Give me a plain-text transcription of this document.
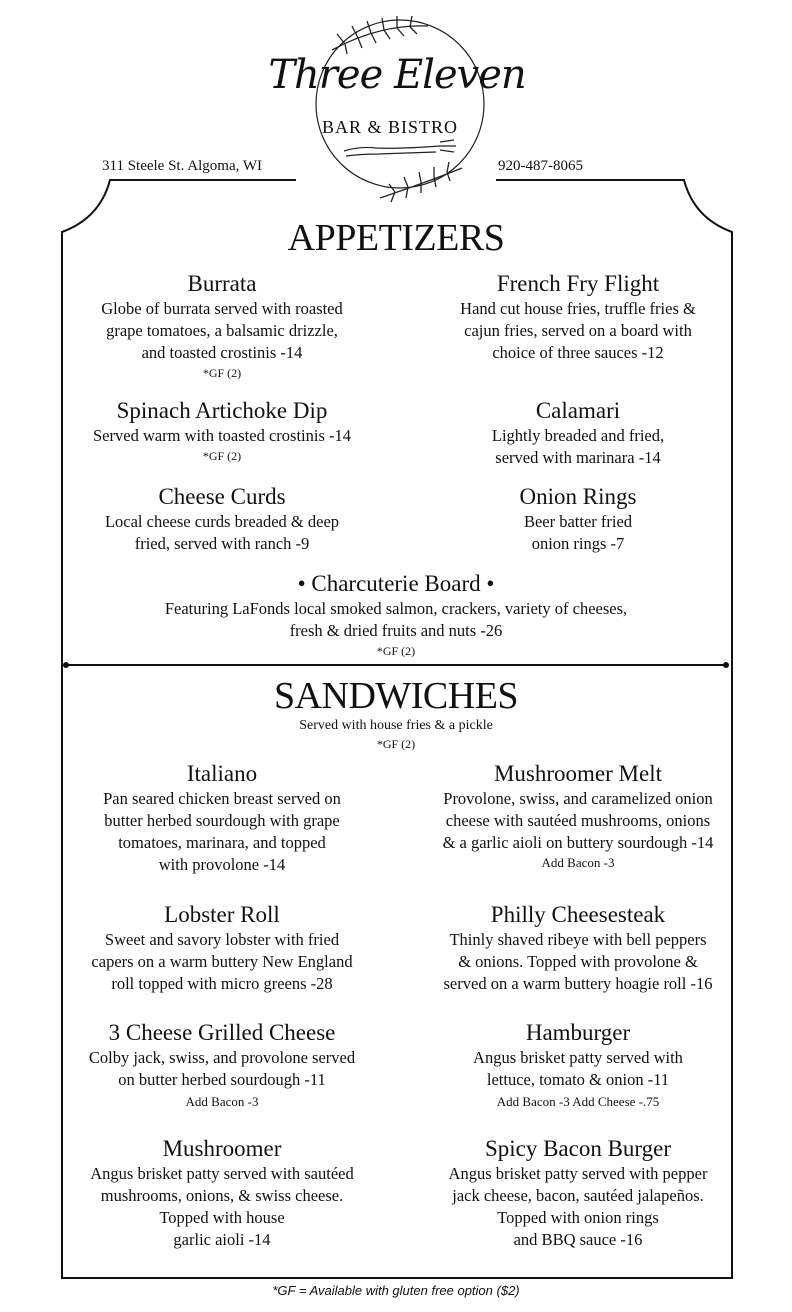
Three Eleven
BAR & BISTRO
311 Steele St. Algoma, WI	920-487-8065
APPETIZERS
Burrata
Globe of burrata served with roasted
grape tomatoes, a balsamic drizzle,
and toasted crostinis -14
*GF (2)
French Fry Flight
Hand cut house fries, truffle fries &
cajun fries, served on a board with
choice of three sauces -12
Spinach Artichoke Dip
Served warm with toasted crostinis -14
*GF (2)
Calamari
Lightly breaded and fried,
served with marinara -14
Cheese Curds
Local cheese curds breaded & deep
fried, served with ranch -9
Onion Rings
Beer batter fried
onion rings -7
• Charcuterie Board •
Featuring LaFonds local smoked salmon, crackers, variety of cheeses,
fresh & dried fruits and nuts -26
*GF (2)
SANDWICHES
Served with house fries & a pickle
*GF (2)
Italiano
Pan seared chicken breast served on
butter herbed sourdough with grape
tomatoes, marinara, and topped
with provolone -14
Mushroomer Melt
Provolone, swiss, and caramelized onion
cheese with sautéed mushrooms, onions
& a garlic aioli on buttery sourdough -14
Add Bacon -3
Lobster Roll
Sweet and savory lobster with fried
capers on a warm buttery New England
roll topped with micro greens -28
Philly Cheesesteak
Thinly shaved ribeye with bell peppers
& onions. Topped with provolone &
served on a warm buttery hoagie roll -16
3 Cheese Grilled Cheese
Colby jack, swiss, and provolone served
on butter herbed sourdough -11
Add Bacon -3
Hamburger
Angus brisket patty served with
lettuce, tomato & onion -11
Add Bacon -3 Add Cheese -.75
Mushroomer
Angus brisket patty served with sautéed
mushrooms, onions, & swiss cheese.
Topped with house
garlic aioli -14
Spicy Bacon Burger
Angus brisket patty served with pepper
jack cheese, bacon, sautéed jalapeños.
Topped with onion rings
and BBQ sauce -16
*GF = Available with gluten free option ($2)
